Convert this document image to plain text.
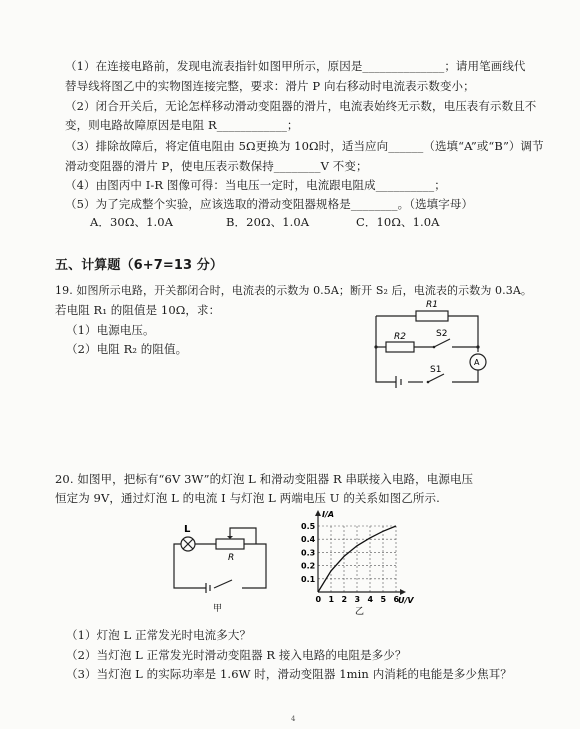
（1）在连接电路前，发现电流表指针如图甲所示，原因是______________；请用笔画线代
替导线将图乙中的实物图连接完整，要求：滑片 P 向右移动时电流表示数变小；
（2）闭合开关后，无论怎样移动滑动变阻器的滑片，电流表始终无示数，电压表有示数且不
变，则电路故障原因是电阻 R____________；
（3）排除故障后，将定值电阻由 5Ω更换为 10Ω时，适当应向______（选填“A”或“B”）调节
滑动变阻器的滑片 P，使电压表示数保持________V 不变；
（4）由图丙中 I-R 图像可得：当电压一定时，电流跟电阻成__________；
（5）为了完成整个实验，应该选取的滑动变阻器规格是________。（选填字母）
A．30Ω、1.0A	B．20Ω、1.0A	C．10Ω、1.0A
五、计算题（6+7=13 分）
19. 如图所示电路，开关都闭合时，电流表的示数为 0.5A；断开 S₂ 后，电流表的示数为 0.3A。
若电阻 R₁ 的阻值是 10Ω，求：
（1）电源电压。
（2）电阻 R₂ 的阻值。
R1
R2	S2
S1
A
20. 如图甲，把标有“6V 3W”的灯泡 L 和滑动变阻器 R 串联接入电路，电源电压
恒定为 9V，通过灯泡 L 的电流 I 与灯泡 L 两端电压 U 的关系如图乙所示.
L
R
甲
0.1
0.2
0.3
0.4
0.5
0 1 2 3 4 5 6
I/A
U/V
乙
（1）灯泡 L 正常发光时电流多大？
（2）当灯泡 L 正常发光时滑动变阻器 R 接入电路的电阻是多少？
（3）当灯泡 L 的实际功率是 1.6W 时，滑动变阻器 1min 内消耗的电能是多少焦耳？
4
